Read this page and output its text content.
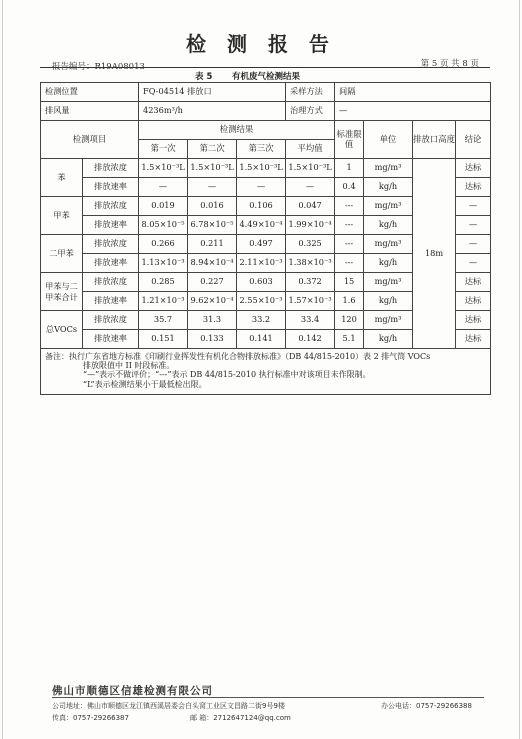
检 测 报 告
报告编号：R19A08013	第 5 页 共 8 页
表 5 有机废气检测结果
检测位置		FQ-04514 排放口			采样方法	间隔			
排风量		4236m³/h			治理方式	—			
检测项目		检测结果				标准限值	单位	排放口高度	结论
		第一次	第二次	第三次	平均值				
苯	排放浓度	1.5×10⁻³L	1.5×10⁻³L	1.5×10⁻³L	1.5×10⁻³L	1	mg/m³	18m	达标
	排放速率	—	—	—	—	0.4	kg/h		达标
甲苯	排放浓度	0.019	0.016	0.106	0.047	---	mg/m³		—
	排放速率	8.05×10⁻⁵	6.78×10⁻⁵	4.49×10⁻⁴	1.99×10⁻⁴	---	kg/h		—
二甲苯	排放浓度	0.266	0.211	0.497	0.325	---	mg/m³		—
	排放速率	1.13×10⁻³	8.94×10⁻⁴	2.11×10⁻³	1.38×10⁻³	---	kg/h		—
甲苯与二甲苯合计	排放浓度	0.285	0.227	0.603	0.372	15	mg/m³		达标
	排放速率	1.21×10⁻³	9.62×10⁻⁴	2.55×10⁻³	1.57×10⁻³	1.6	kg/h		达标
总VOCs	排放浓度	35.7	31.3	33.2	33.4	120	mg/m³		达标
	排放速率	0.151	0.133	0.141	0.142	5.1	kg/h		达标

备注：执行广东省地方标准《印刷行业挥发性有机化合物排放标准》（DB 44/815-2010）表 2 排气筒 VOCs
排放限值中 II 时段标准。
“—”表示不做评价；“---”表示 DB 44/815-2010 执行标准中对该项目未作限制。
“L”表示检测结果小于最低检出限。									
佛山市顺德区信雄检测有限公司
公司地址：佛山市顺德区龙江镇西溪居委会白头窝工业区文昌路二街9号9楼	办公电话：0757-29266388
传真：0757-29266387	邮 箱：2712647124@qq.com
